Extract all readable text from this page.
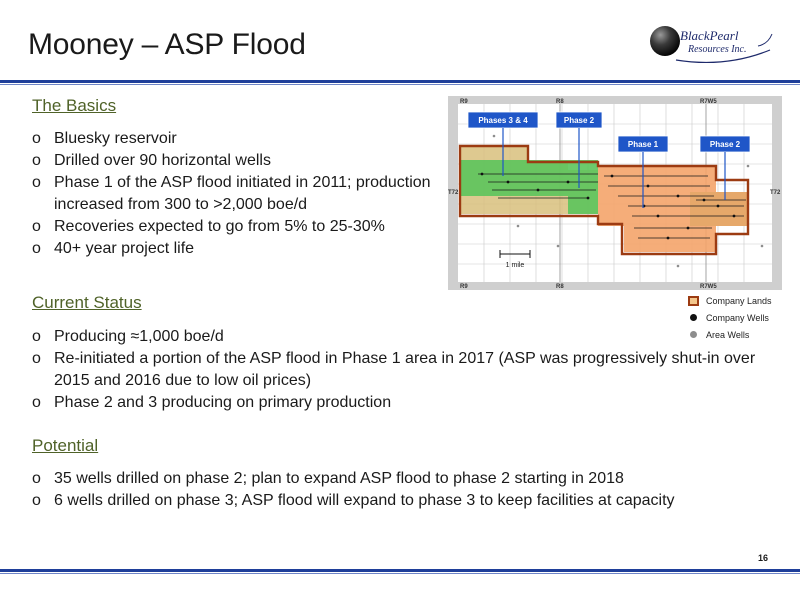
Mooney – ASP Flood	BlackPearl
Resources Inc.
The Basics
o Bluesky reservoir
o Drilled over 90 horizontal wells
o Phase 1 of the ASP flood initiated in 2011; production increased from 300 to >2,000 boe/d
o Recoveries expected to go from 5% to 25-30%
o 40+ year project life
Current Status
o Producing ≈1,000 boe/d
o Re-initiated a portion of the ASP flood in Phase 1 area in 2017 (ASP was progressively shut-in over 2015 and 2016 due to low oil prices)
o Phase 2 and 3 producing on primary production
Potential
o 35 wells drilled on phase 2; plan to expand ASP flood to phase 2 starting in 2018
o 6 wells drilled on phase 3; ASP flood will expand to phase 3 to keep facilities at capacity
1 mile
R9	R8	R7W5
R9	R8	R7W5
T72	T72
Phases 3 & 4	Phase 2
Phase 1	Phase 2
Company Lands
Company Wells
Area Wells
16
